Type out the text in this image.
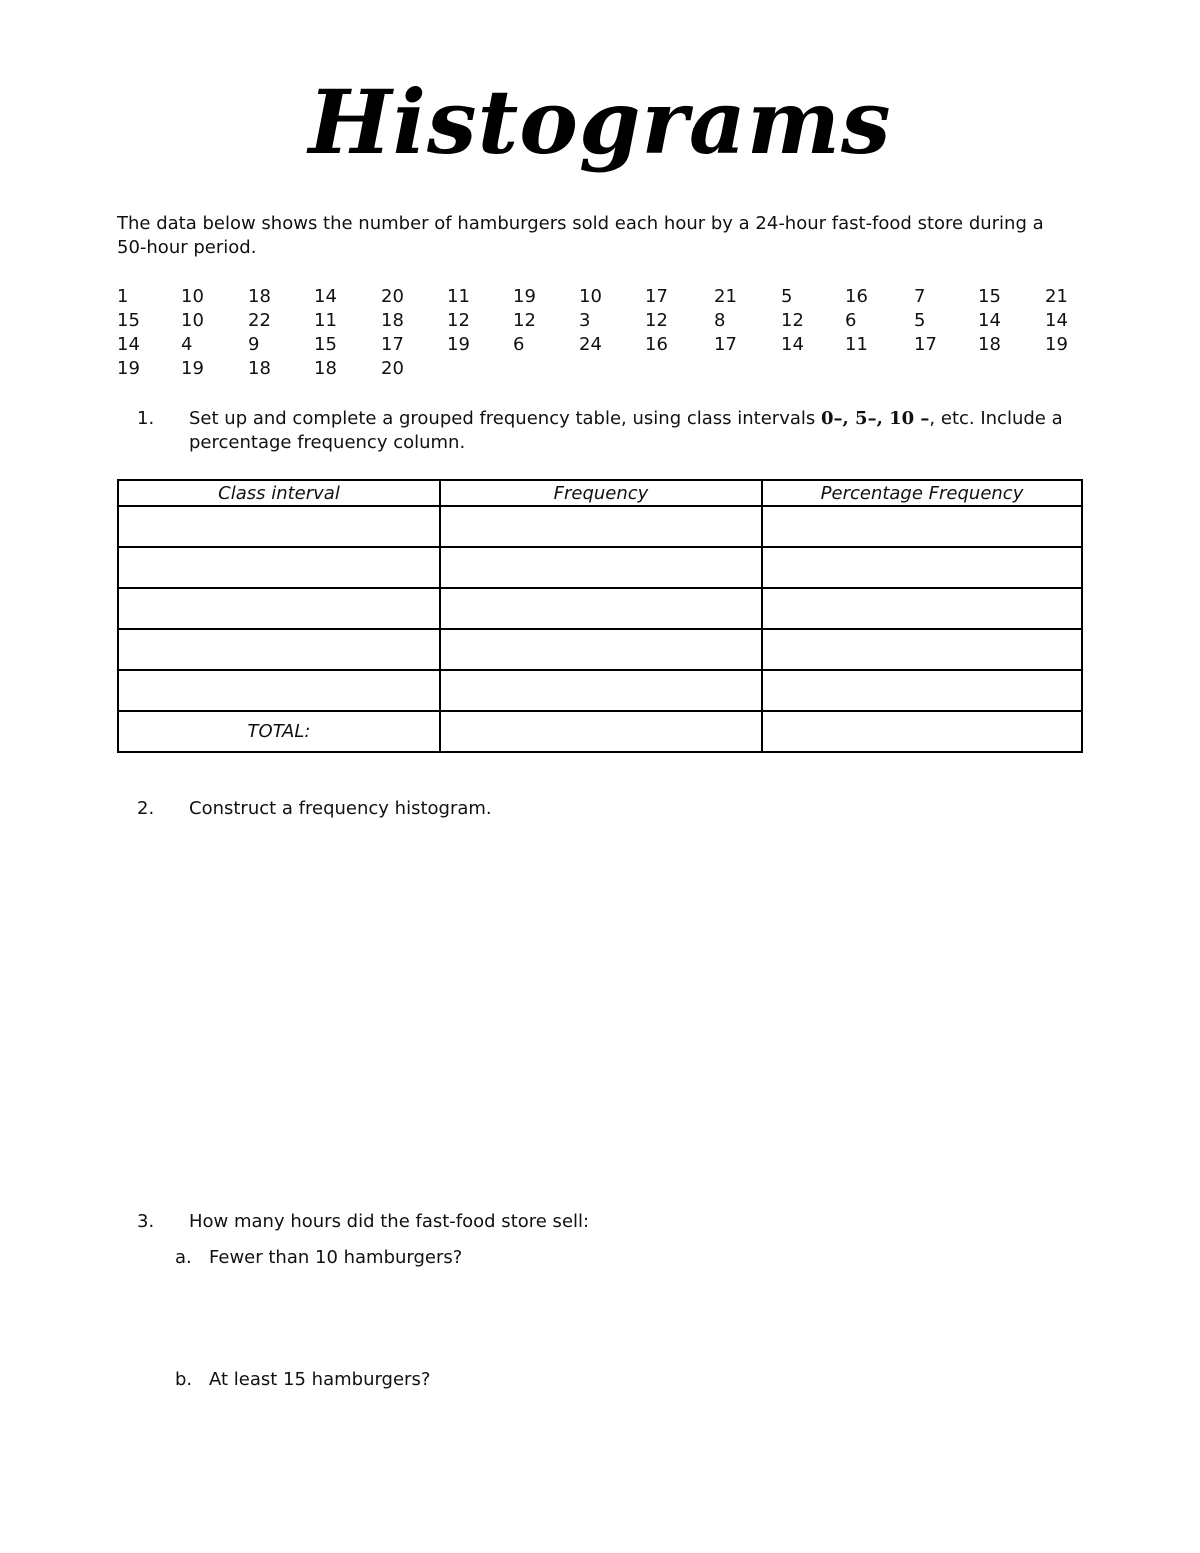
Histograms
The data below shows the number of hamburgers sold each hour by a 24-hour fast-food store during a 50-hour period.
1	10 18 14 20 11 19 10 17	21 5	16	7	15 21
15 10 22 11 18 12 12 3	12	8	12 6	5	14 14
14 4	9	15 17 19 6	24 16	17 14 11	17 18 19
19 19 18 18 20
1.	Set up and complete a grouped frequency table, using class intervals 0–, 5–, 10 –, etc. Include a percentage frequency column.
Class interval	Frequency	Percentage Frequency

TOTAL:		
2.	Construct a frequency histogram.
3.	How many hours did the fast-food store sell:
a. Fewer than 10 hamburgers?
b. At least 15 hamburgers?
